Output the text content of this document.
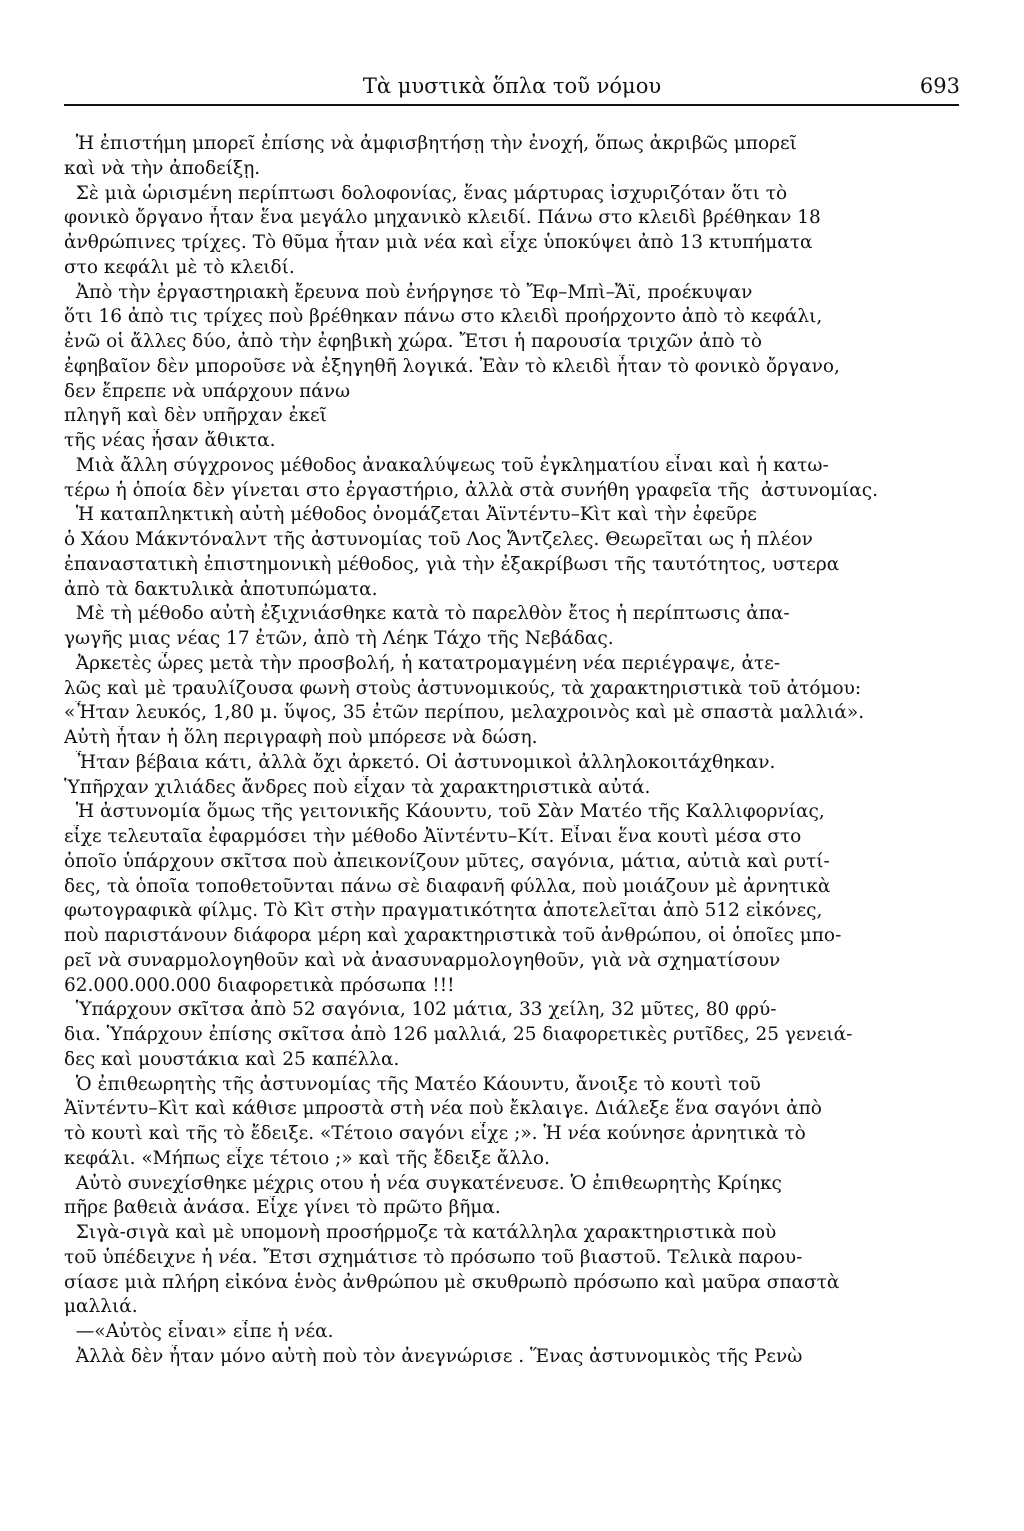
Τὰ μυστικὰ ὅπλα τοῦ νόμου	693
Ἡ ἐπιστήμη μπορεῖ ἐπίσης νὰ ἀμφισβητήσῃ τὴν ἐνοχή, ὅπως ἀκριβῶς μπορεῖ
καὶ νὰ τὴν ἀποδείξῃ.
Σὲ μιὰ ὡρισμένη περίπτωσι δολοφονίας, ἕνας μάρτυρας ἰσχυριζόταν ὅτι τὸ
φονικὸ ὄργανο ἦταν ἕνα μεγάλο μηχανικὸ κλειδί. Πάνω στο κλειδὶ βρέθηκαν 18
ἀνθρώπινες τρίχες. Τὸ θῦμα ἦταν μιὰ νέα καὶ εἶχε ὑποκύψει ἀπὸ 13 κτυπήματα
στο κεφάλι μὲ τὸ κλειδί.
Ἀπὸ τὴν ἐργαστηριακὴ ἔρευνα ποὺ ἐνήργησε τὸ Ἔφ–Μπὶ–Ἄϊ, προέκυψαν
ὅτι 16 ἀπὸ τις τρίχες ποὺ βρέθηκαν πάνω στο κλειδὶ προήρχοντο ἀπὸ τὸ κεφάλι,
ἐνῶ οἱ ἄλλες δύο, ἀπὸ τὴν ἐφηβικὴ χώρα. Ἔτσι ἡ παρουσία τριχῶν ἀπὸ τὸ
ἐφηβαῖον δὲν μποροῦσε νὰ ἐξηγηθῆ λογικά. Ἐὰν τὸ κλειδὶ ἦταν τὸ φονικὸ ὄργανο,
δεν ἔπρεπε νὰ υπάρχουν πάνω
πληγῆ καὶ δὲν υπῆρχαν ἐκεῖ
τῆς νέας ἦσαν ἄθικτα.
Μιὰ ἄλλη σύγχρονος μέθοδος ἀνακαλύψεως τοῦ ἐγκληματίου εἶναι καὶ ἡ κατω-
τέρω ἡ ὁποία δὲν γίνεται στο ἐργαστήριο, ἀλλὰ στὰ συνήθη γραφεῖα τῆς  ἀστυνομίας.
Ἡ καταπληκτικὴ αὐτὴ μέθοδος ὀνομάζεται Ἀϊντέντυ–Κὶτ καὶ τὴν ἐφεῦρε
ὁ Χάου Μάκντόναλντ τῆς ἀστυνομίας τοῦ Λος Ἄντζελες. Θεωρεῖται ως ἡ πλέον
ἐπαναστατικὴ ἐπιστημονικὴ μέθοδος, γιὰ τὴν ἐξακρίβωσι τῆς ταυτότητος, υστερα
ἀπὸ τὰ δακτυλικὰ ἀποτυπώματα.
Μὲ τὴ μέθοδο αὐτὴ ἐξιχνιάσθηκε κατὰ τὸ παρελθὸν ἔτος ἡ περίπτωσις ἀπα-
γωγῆς μιας νέας 17 ἐτῶν, ἀπὸ τὴ Λέηκ Τάχο τῆς Νεβάδας.
Ἀρκετὲς ὧρες μετὰ τὴν προσβολή, ἡ κατατρομαγμένη νέα περιέγραψε, ἀτε-
λῶς καὶ μὲ τραυλίζουσα φωνὴ στοὺς ἀστυνομικούς, τὰ χαρακτηριστικὰ τοῦ ἀτόμου:
«Ἦταν λευκός, 1,80 μ. ὕψος, 35 ἐτῶν περίπου, μελαχροινὸς καὶ μὲ σπαστὰ μαλλιά».
Αὐτὴ ἦταν ἡ ὅλη περιγραφὴ ποὺ μπόρεσε νὰ δώση.
Ἦταν βέβαια κάτι, ἀλλὰ ὄχι ἀρκετό. Οἱ ἀστυνομικοὶ ἀλληλοκοιτάχθηκαν.
Ὑπῆρχαν χιλιάδες ἄνδρες ποὺ εἶχαν τὰ χαρακτηριστικὰ αὐτά.
Ἡ ἀστυνομία ὅμως τῆς γειτονικῆς Κάουντυ, τοῦ Σὰν Ματέο τῆς Καλλιφορνίας,
εἶχε τελευταῖα ἐφαρμόσει τὴν μέθοδο Ἀϊντέντυ–Κίτ. Εἶναι ἕνα κουτὶ μέσα στο
ὁποῖο ὑπάρχουν σκῖτσα ποὺ ἀπεικονίζουν μῦτες, σαγόνια, μάτια, αὐτιὰ καὶ ρυτί-
δες, τὰ ὁποῖα τοποθετοῦνται πάνω σὲ διαφανῆ φύλλα, ποὺ μοιάζουν μὲ ἀρνητικὰ
φωτογραφικὰ φίλμς. Τὸ Κὶτ στὴν πραγματικότητα ἀποτελεῖται ἀπὸ 512 εἰκόνες,
ποὺ παριστάνουν διάφορα μέρη καὶ χαρακτηριστικὰ τοῦ ἀνθρώπου, οἱ ὁποῖες μπο-
ρεῖ νὰ συναρμολογηθοῦν καὶ νὰ ἀνασυναρμολογηθοῦν, γιὰ νὰ σχηματίσουν
62.000.000.000 διαφορετικὰ πρόσωπα !!!
Ὑπάρχουν σκῖτσα ἀπὸ 52 σαγόνια, 102 μάτια, 33 χείλη, 32 μῦτες, 80 φρύ-
δια. Ὑπάρχουν ἐπίσης σκῖτσα ἀπὸ 126 μαλλιά, 25 διαφορετικὲς ρυτῖδες, 25 γενειά-
δες καὶ μουστάκια καὶ 25 καπέλλα.
Ὁ ἐπιθεωρητὴς τῆς ἀστυνομίας τῆς Ματέο Κάουντυ, ἄνοιξε τὸ κουτὶ τοῦ
Ἀϊντέντυ–Κὶτ καὶ κάθισε μπροστὰ στὴ νέα ποὺ ἔκλαιγε. Διάλεξε ἕνα σαγόνι ἀπὸ
τὸ κουτὶ καὶ τῆς τὸ ἔδειξε. «Τέτοιο σαγόνι εἶχε ;». Ἡ νέα κούνησε ἀρνητικὰ τὸ
κεφάλι. «Μήπως εἶχε τέτοιο ;» καὶ τῆς ἔδειξε ἄλλο.
Αὐτὸ συνεχίσθηκε μέχρις οτου ἡ νέα συγκατένευσε. Ὁ ἐπιθεωρητὴς Κρίηκς
πῆρε βαθειὰ ἀνάσα. Εἶχε γίνει τὸ πρῶτο βῆμα.
Σιγὰ-σιγὰ καὶ μὲ υπομονὴ προσήρμοζε τὰ κατάλληλα χαρακτηριστικὰ ποὺ
τοῦ ὑπέδειχνε ἡ νέα. Ἔτσι σχημάτισε τὸ πρόσωπο τοῦ βιαστοῦ. Τελικὰ παρου-
σίασε μιὰ πλήρη εἰκόνα ἑνὸς ἀνθρώπου μὲ σκυθρωπὸ πρόσωπο καὶ μαῦρα σπαστὰ
μαλλιά.
—«Αὐτὸς εἶναι» εἶπε ἡ νέα.
Ἀλλὰ δὲν ἦταν μόνο αὐτὴ ποὺ τὸν ἀνεγνώρισε . Ἕνας ἀστυνομικὸς τῆς Ρενὼ
